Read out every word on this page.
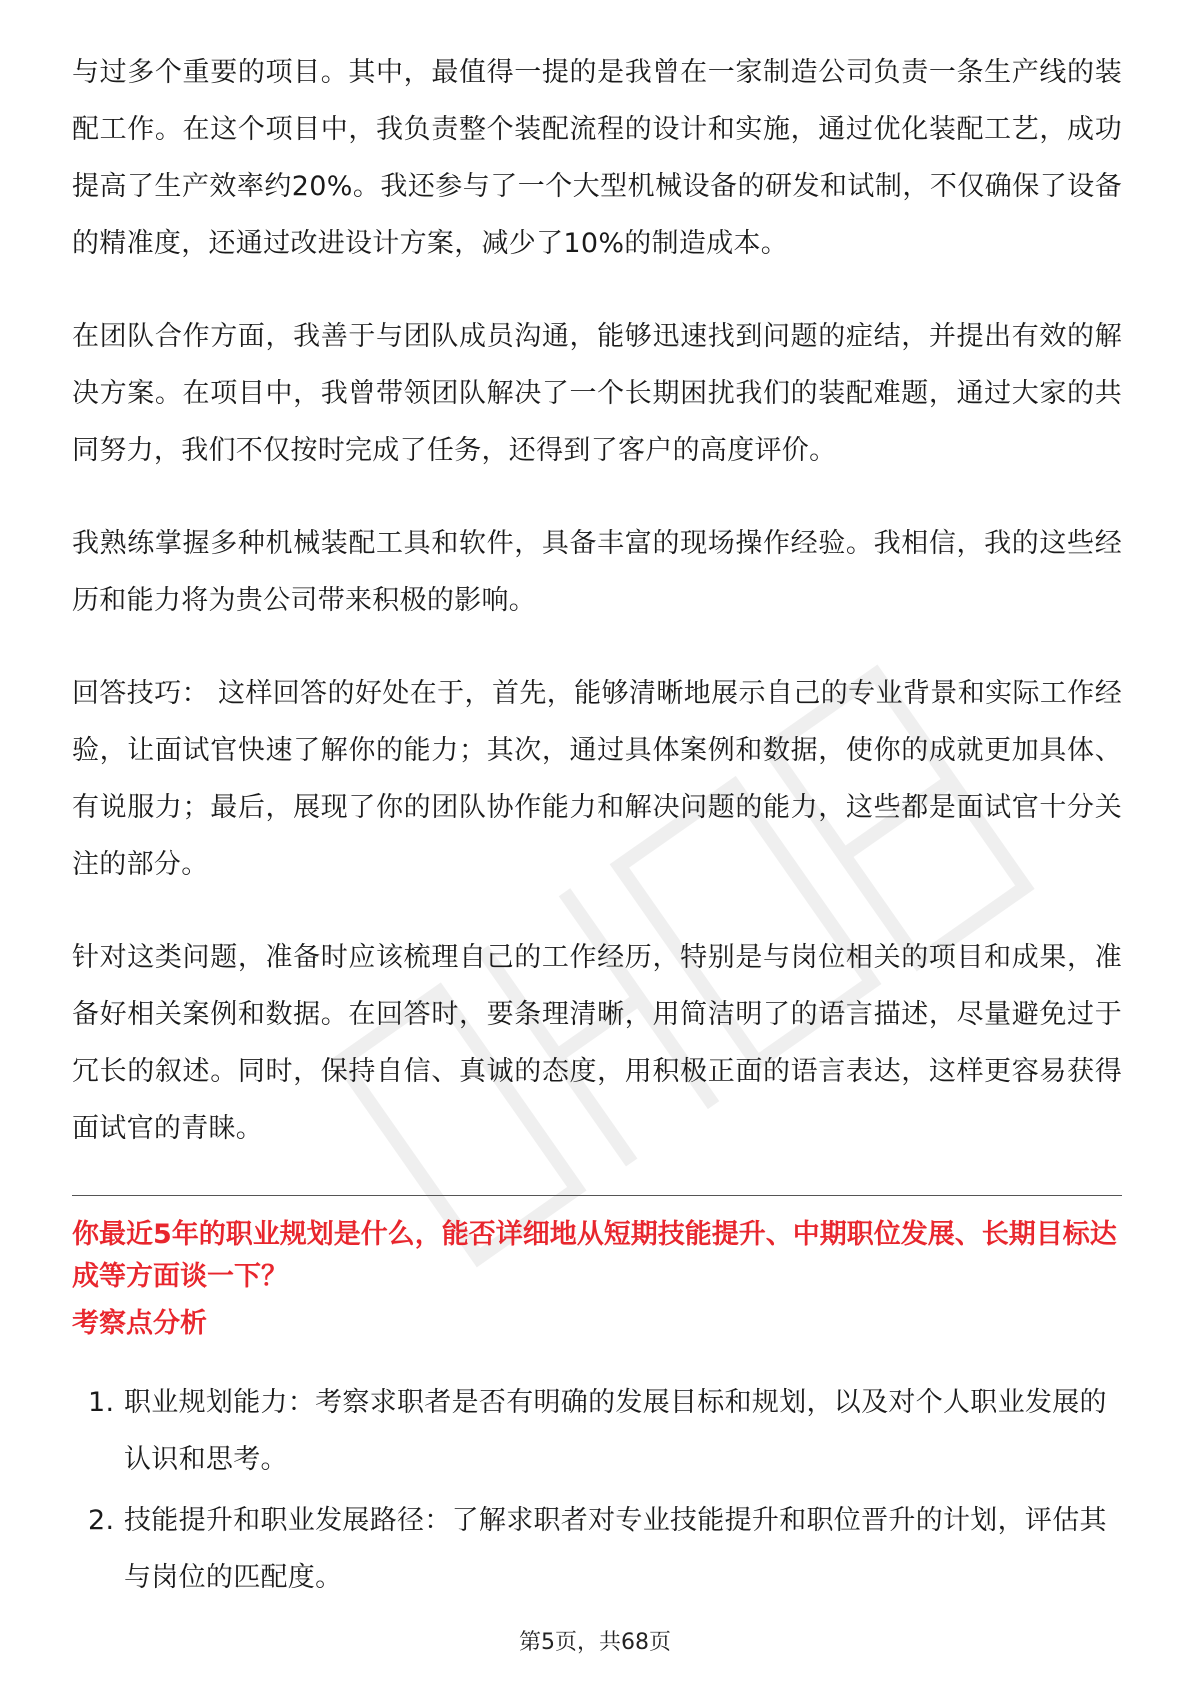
与过多个重要的项目。其中，最值得一提的是我曾在一家制造公司负责一条生产线的装配工作。在这个项目中，我负责整个装配流程的设计和实施，通过优化装配工艺，成功提高了生产效率约20%。我还参与了一个大型机械设备的研发和试制，不仅确保了设备的精准度，还通过改进设计方案，减少了10%的制造成本。

在团队合作方面，我善于与团队成员沟通，能够迅速找到问题的症结，并提出有效的解决方案。在项目中，我曾带领团队解决了一个长期困扰我们的装配难题，通过大家的共同努力，我们不仅按时完成了任务，还得到了客户的高度评价。

我熟练掌握多种机械装配工具和软件，具备丰富的现场操作经验。我相信，我的这些经历和能力将为贵公司带来积极的影响。

回答技巧： 这样回答的好处在于，首先，能够清晰地展示自己的专业背景和实际工作经验，让面试官快速了解你的能力；其次，通过具体案例和数据，使你的成就更加具体、有说服力；最后，展现了你的团队协作能力和解决问题的能力，这些都是面试官十分关注的部分。

针对这类问题，准备时应该梳理自己的工作经历，特别是与岗位相关的项目和成果，准备好相关案例和数据。在回答时，要条理清晰，用简洁明了的语言描述，尽量避免过于冗长的叙述。同时，保持自信、真诚的态度，用积极正面的语言表达，这样更容易获得面试官的青睐。

你最近5年的职业规划是什么，能否详细地从短期技能提升、中期职位发展、长期目标达成等方面谈一下？

考察点分析

1. 职业规划能力：考察求职者是否有明确的发展目标和规划，以及对个人职业发展的认识和思考。
2. 技能提升和职业发展路径：了解求职者对专业技能提升和职位晋升的计划，评估其与岗位的匹配度。
第5页，共68页
